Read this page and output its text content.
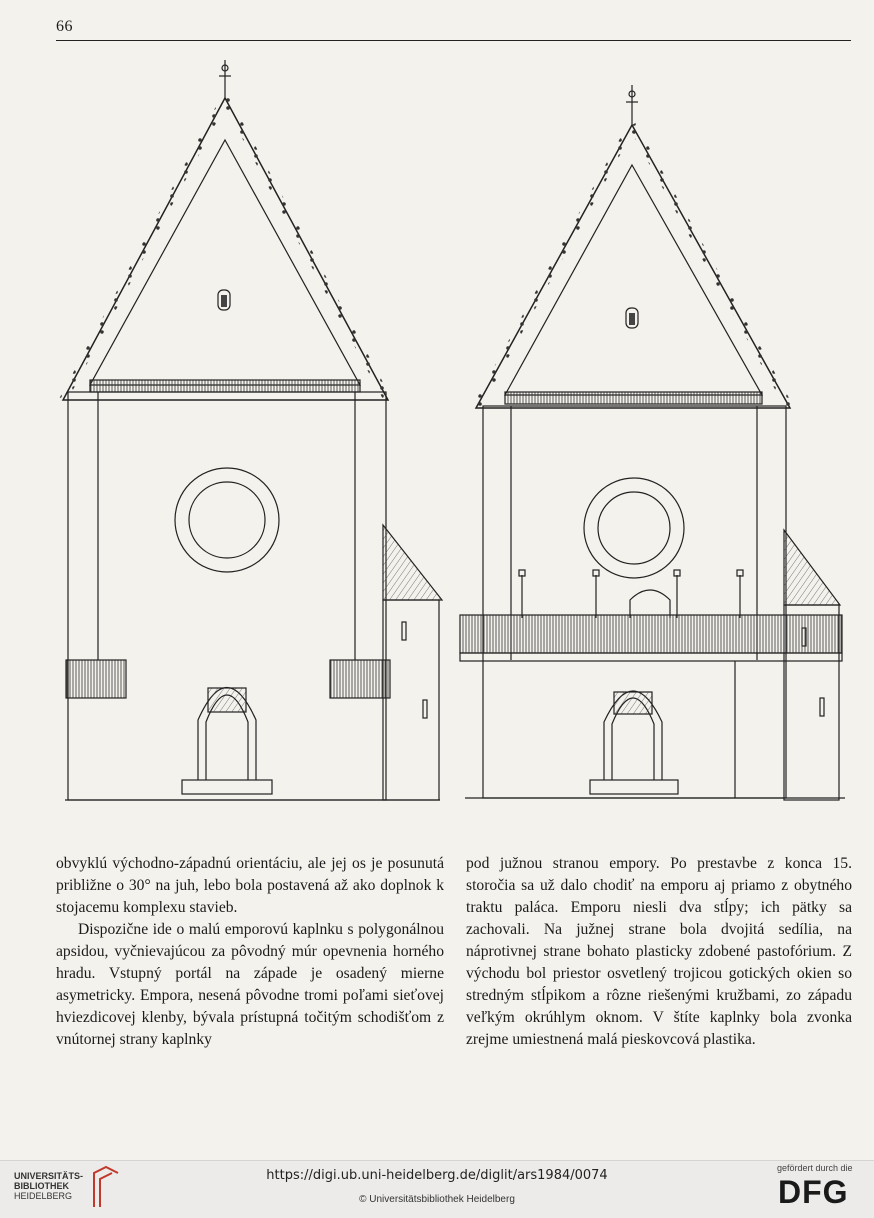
66

obvyklú východno-západnú orientáciu, ale jej os je posunutá približne o 30° na juh, lebo bola postavená až ako doplnok k stojacemu komplexu stavieb.

Dispozične ide o malú emporovú kaplnku s polygonálnou apsidou, vyčnievajúcou za pôvodný múr opevnenia horného hradu. Vstupný portál na západe je osadený mierne asymetricky. Empora, nesená pôvodne tromi poľami sieťovej hviezdicovej klenby, bývala prístupná točitým schodišťom z vnútornej strany kaplnky

pod južnou stranou empory. Po prestavbe z konca 15. storočia sa už dalo chodiť na emporu aj priamo z obytného traktu paláca. Emporu niesli dva stĺpy; ich pätky sa zachovali. Na južnej strane bola dvojitá sedília, na náprotivnej strane bohato plasticky zdobené pastofórium. Z východu bol priestor osvetlený trojicou gotických okien so stredným stĺpikom a rôzne riešenými kružbami, zo západu veľkým okrúhlym oknom. V štíte kaplnky bola zvonka zrejme umiestnená malá pieskovcová plastika.

UNIVERSITÄTS-
BIBLIOTHEK
HEIDELBERG
https://digi.ub.uni-heidelberg.de/diglit/ars1984/0074
© Universitätsbibliothek Heidelberg
gefördert durch die
DFG
